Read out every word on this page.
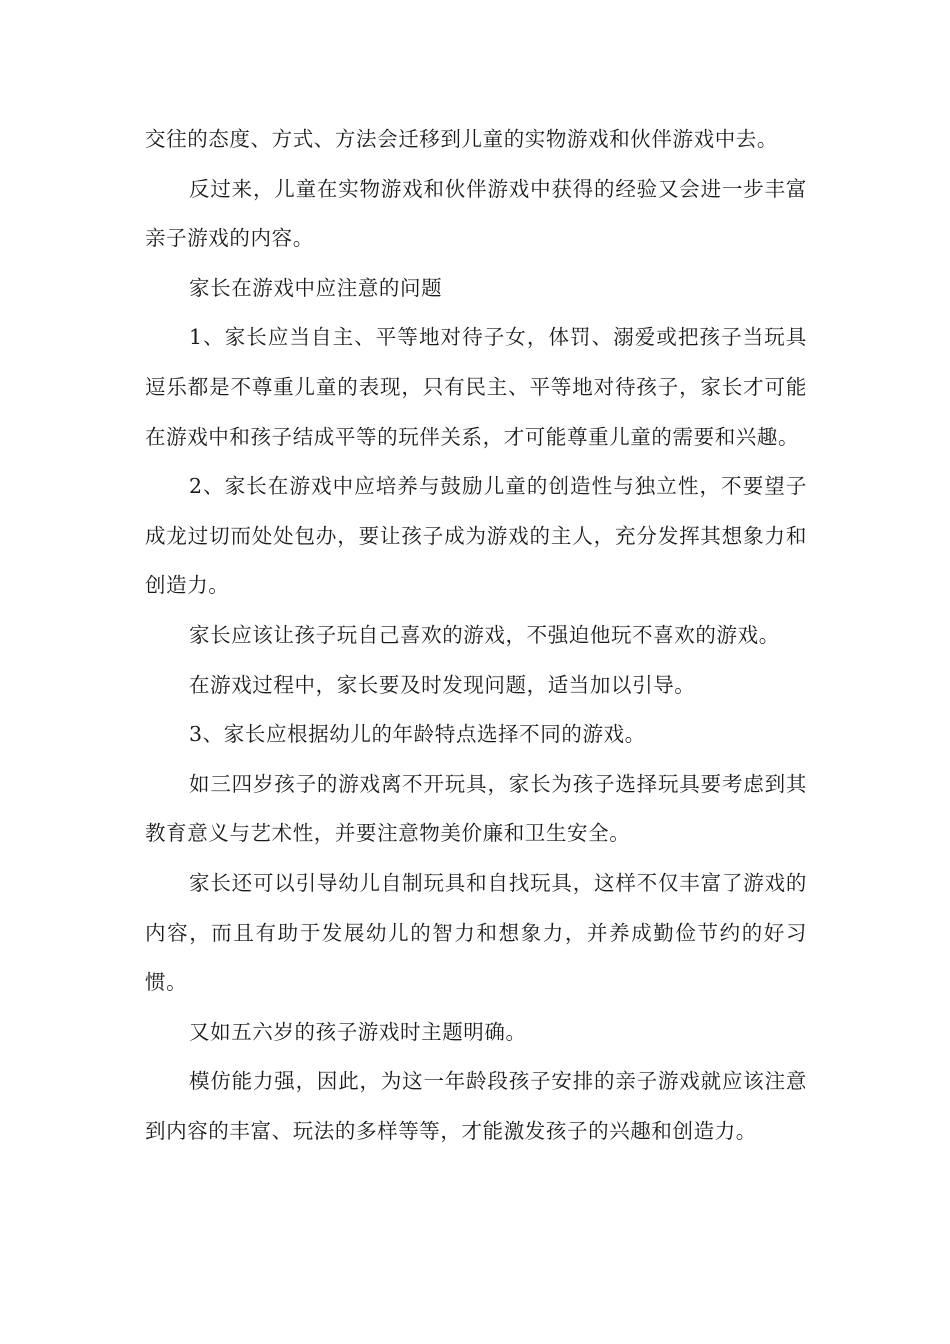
交往的态度、方式、方法会迁移到儿童的实物游戏和伙伴游戏中去。

反过来，儿童在实物游戏和伙伴游戏中获得的经验又会进一步丰富亲子游戏的内容。

家长在游戏中应注意的问题

1、家长应当自主、平等地对待子女，体罚、溺爱或把孩子当玩具逗乐都是不尊重儿童的表现，只有民主、平等地对待孩子，家长才可能在游戏中和孩子结成平等的玩伴关系，才可能尊重儿童的需要和兴趣。

2、家长在游戏中应培养与鼓励儿童的创造性与独立性，不要望子成龙过切而处处包办，要让孩子成为游戏的主人，充分发挥其想象力和创造力。

家长应该让孩子玩自己喜欢的游戏，不强迫他玩不喜欢的游戏。

在游戏过程中，家长要及时发现问题，适当加以引导。

3、家长应根据幼儿的年龄特点选择不同的游戏。

如三四岁孩子的游戏离不开玩具，家长为孩子选择玩具要考虑到其教育意义与艺术性，并要注意物美价廉和卫生安全。

家长还可以引导幼儿自制玩具和自找玩具，这样不仅丰富了游戏的内容，而且有助于发展幼儿的智力和想象力，并养成勤俭节约的好习惯。

又如五六岁的孩子游戏时主题明确。

模仿能力强，因此，为这一年龄段孩子安排的亲子游戏就应该注意到内容的丰富、玩法的多样等等，才能激发孩子的兴趣和创造力。
